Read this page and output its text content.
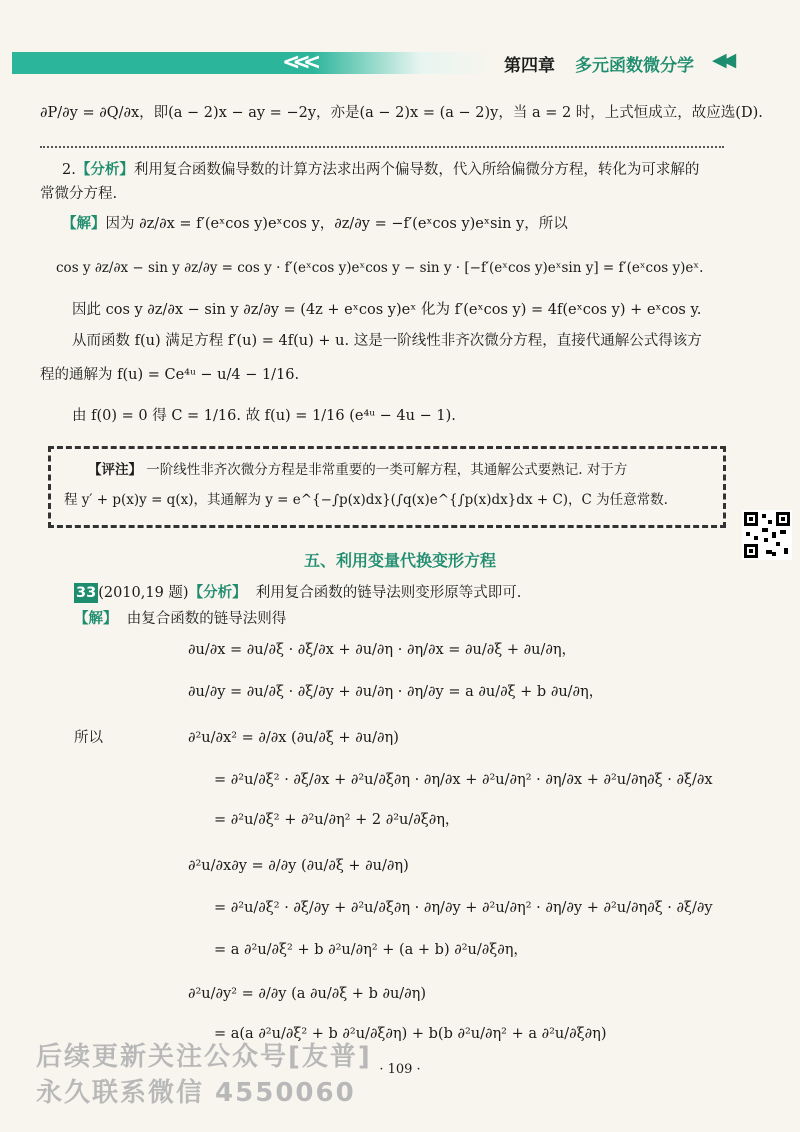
<<<	第四章 多元函数微分学 ◀◀
∂P/∂y = ∂Q/∂x，即(a − 2)x − ay = −2y，亦是(a − 2)x = (a − 2)y，当 a = 2 时，上式恒成立，故应选(D).
2.【分析】利用复合函数偏导数的计算方法求出两个偏导数，代入所给偏微分方程，转化为可求解的
常微分方程.
【解】因为 ∂z/∂x = f′(eˣcos y)eˣcos y，∂z/∂y = −f′(eˣcos y)eˣsin y，所以
cos y ∂z/∂x − sin y ∂z/∂y = cos y · f′(eˣcos y)eˣcos y − sin y · [−f′(eˣcos y)eˣsin y] = f′(eˣcos y)eˣ.
因此 cos y ∂z/∂x − sin y ∂z/∂y = (4z + eˣcos y)eˣ 化为 f′(eˣcos y) = 4f(eˣcos y) + eˣcos y.
从而函数 f(u) 满足方程 f′(u) = 4f(u) + u. 这是一阶线性非齐次微分方程，直接代通解公式得该方
程的通解为 f(u) = Ce⁴ᵘ − u/4 − 1/16.
由 f(0) = 0 得 C = 1/16. 故 f(u) = 1/16 (e⁴ᵘ − 4u − 1).
【评注】 一阶线性非齐次微分方程是非常重要的一类可解方程，其通解公式要熟记. 对于方
程 y′ + p(x)y = q(x)，其通解为 y = e^{−∫p(x)dx}(∫q(x)e^{∫p(x)dx}dx + C)，C 为任意常数.
五、利用变量代换变形方程
33 (2010,19 题)【分析】 利用复合函数的链导法则变形原等式即可.
【解】 由复合函数的链导法则得
所以
∂u/∂x = ∂u/∂ξ · ∂ξ/∂x + ∂u/∂η · ∂η/∂x = ∂u/∂ξ + ∂u/∂η，
∂u/∂y = ∂u/∂ξ · ∂ξ/∂y + ∂u/∂η · ∂η/∂y = a ∂u/∂ξ + b ∂u/∂η，
∂²u/∂x² = ∂/∂x (∂u/∂ξ + ∂u/∂η)
= ∂²u/∂ξ² · ∂ξ/∂x + ∂²u/∂ξ∂η · ∂η/∂x + ∂²u/∂η² · ∂η/∂x + ∂²u/∂η∂ξ · ∂ξ/∂x
= ∂²u/∂ξ² + ∂²u/∂η² + 2 ∂²u/∂ξ∂η，
∂²u/∂x∂y = ∂/∂y (∂u/∂ξ + ∂u/∂η)
= ∂²u/∂ξ² · ∂ξ/∂y + ∂²u/∂ξ∂η · ∂η/∂y + ∂²u/∂η² · ∂η/∂y + ∂²u/∂η∂ξ · ∂ξ/∂y
= a ∂²u/∂ξ² + b ∂²u/∂η² + (a + b) ∂²u/∂ξ∂η，
∂²u/∂y² = ∂/∂y (a ∂u/∂ξ + b ∂u/∂η)
= a(a ∂²u/∂ξ² + b ∂²u/∂ξ∂η) + b(b ∂²u/∂η² + a ∂²u/∂ξ∂η)
· 109 ·
后续更新关注公众号[友普]
永久联系微信 4550060
